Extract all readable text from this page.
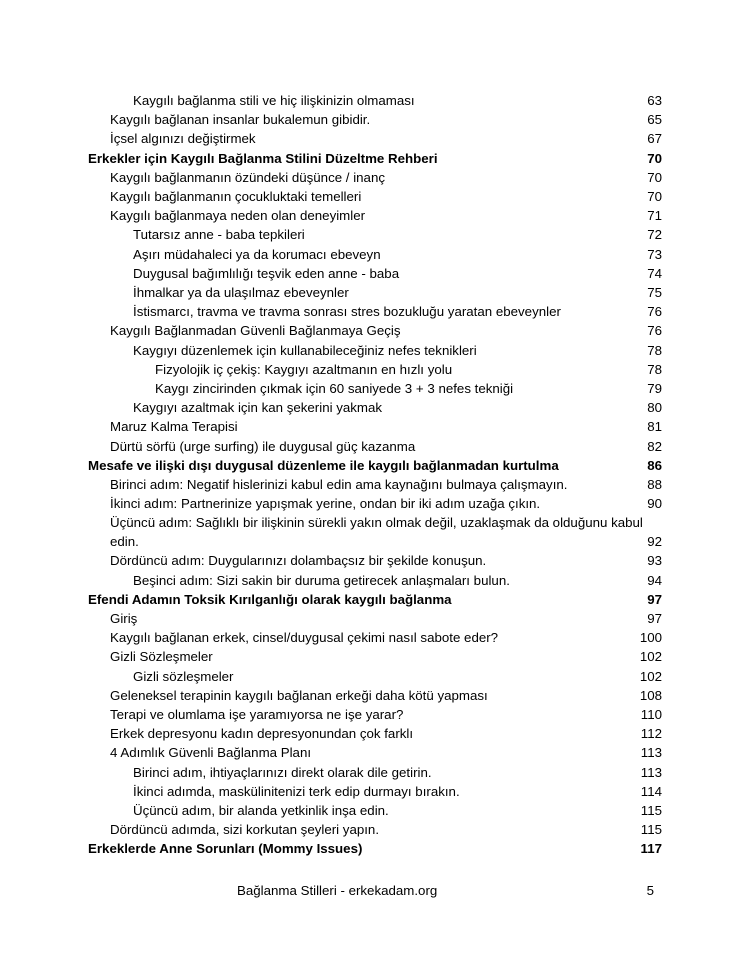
Kaygılı bağlanma stili ve hiç ilişkinizin olmaması	63
Kaygılı bağlanan insanlar bukalemun gibidir.	65
İçsel algınızı değiştirmek	67
Erkekler için Kaygılı Bağlanma Stilini Düzeltme Rehberi	70
Kaygılı bağlanmanın özündeki düşünce / inanç	70
Kaygılı bağlanmanın çocukluktaki temelleri	70
Kaygılı bağlanmaya neden olan deneyimler	71
Tutarsız anne - baba tepkileri	72
Aşırı müdahaleci ya da korumacı ebeveyn	73
Duygusal bağımlılığı teşvik eden anne - baba	74
İhmalkar ya da ulaşılmaz ebeveynler	75
İstismarcı, travma ve travma sonrası stres bozukluğu yaratan ebeveynler	76
Kaygılı Bağlanmadan Güvenli Bağlanmaya Geçiş	76
Kaygıyı düzenlemek için kullanabileceğiniz nefes teknikleri	78
Fizyolojik iç çekiş: Kaygıyı azaltmanın en hızlı yolu	78
Kaygı zincirinden çıkmak için 60 saniyede 3 + 3 nefes tekniği	79
Kaygıyı azaltmak için kan şekerini yakmak	80
Maruz Kalma Terapisi	81
Dürtü sörfü (urge surfing) ile duygusal güç kazanma	82
Mesafe ve ilişki dışı duygusal düzenleme ile kaygılı bağlanmadan kurtulma	86
Birinci adım: Negatif hislerinizi kabul edin ama kaynağını bulmaya çalışmayın.	88
İkinci adım: Partnerinize yapışmak yerine, ondan bir iki adım uzağa çıkın.	90
Üçüncü adım: Sağlıklı bir ilişkinin sürekli yakın olmak değil, uzaklaşmak da olduğunu kabul edin.	92
Dördüncü adım: Duygularınızı dolambaçsız bir şekilde konuşun.	93
Beşinci adım: Sizi sakin bir duruma getirecek anlaşmaları bulun.	94
Efendi Adamın Toksik Kırılganlığı olarak kaygılı bağlanma	97
Giriş	97
Kaygılı bağlanan erkek, cinsel/duygusal çekimi nasıl sabote eder?	100
Gizli Sözleşmeler	102
Gizli sözleşmeler	102
Geleneksel terapinin kaygılı bağlanan erkeği daha kötü yapması	108
Terapi ve olumlama işe yaramıyorsa ne işe yarar?	110
Erkek depresyonu kadın depresyonundan çok farklı	112
4 Adımlık Güvenli Bağlanma Planı	113
Birinci adım, ihtiyaçlarınızı direkt olarak dile getirin.	113
İkinci adımda, maskülinitenizi terk edip durmayı bırakın.	114
Üçüncü adım, bir alanda yetkinlik inşa edin.	115
Dördüncü adımda, sizi korkutan şeyleri yapın.	115
Erkeklerde Anne Sorunları (Mommy Issues)	117
Bağlanma Stilleri - erkekadam.org	5
